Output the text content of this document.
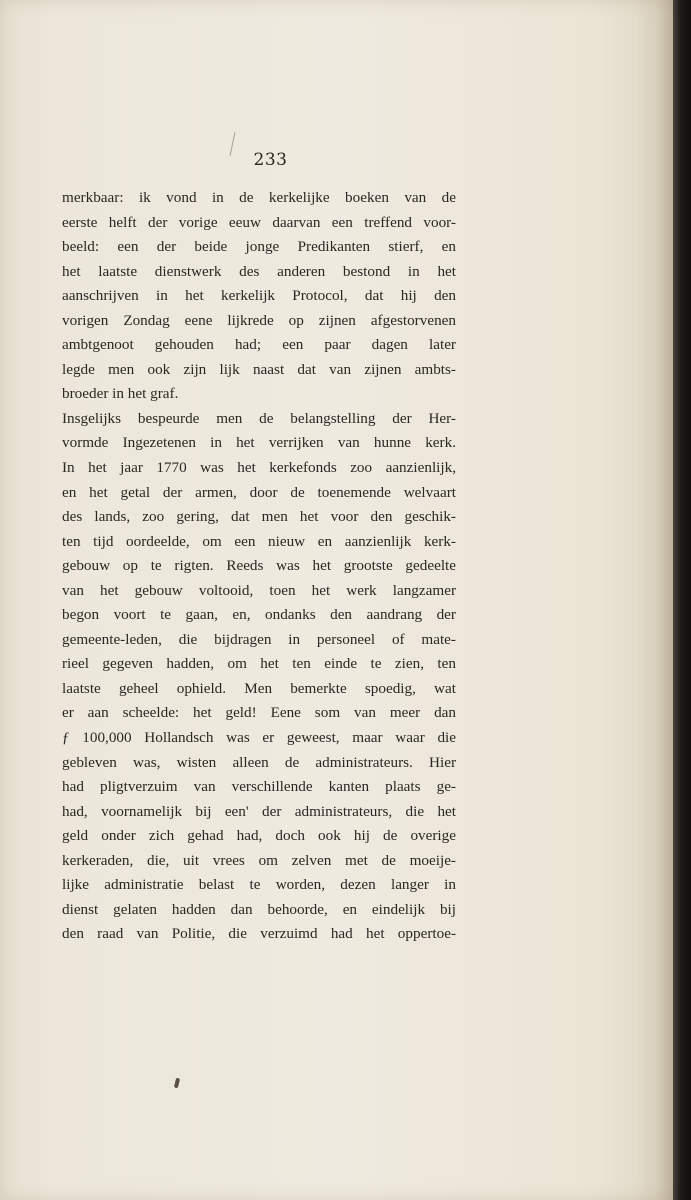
233
merkbaar: ik vond in de kerkelijke boeken van de
eerste helft der vorige eeuw daarvan een treffend voor-
beeld: een der beide jonge Predikanten stierf, en
het laatste dienstwerk des anderen bestond in het
aanschrijven in het kerkelijk Protocol, dat hij den
vorigen Zondag eene lijkrede op zijnen afgestorvenen
ambtgenoot gehouden had; een paar dagen later
legde men ook zijn lijk naast dat van zijnen ambts-
broeder in het graf.
Insgelijks bespeurde men de belangstelling der Her-
vormde Ingezetenen in het verrijken van hunne kerk.
In het jaar 1770 was het kerkefonds zoo aanzienlijk,
en het getal der armen, door de toenemende welvaart
des lands, zoo gering, dat men het voor den geschik-
ten tijd oordeelde, om een nieuw en aanzienlijk kerk-
gebouw op te rigten. Reeds was het grootste gedeelte
van het gebouw voltooid, toen het werk langzamer
begon voort te gaan, en, ondanks den aandrang der
gemeente-leden, die bijdragen in personeel of mate-
rieel gegeven hadden, om het ten einde te zien, ten
laatste geheel ophield. Men bemerkte spoedig, wat
er aan scheelde: het geld! Eene som van meer dan
ƒ 100,000 Hollandsch was er geweest, maar waar die
gebleven was, wisten alleen de administrateurs. Hier
had pligtverzuim van verschillende kanten plaats ge-
had, voornamelijk bij een' der administrateurs, die het
geld onder zich gehad had, doch ook hij de overige
kerkeraden, die, uit vrees om zelven met de moeije-
lijke administratie belast te worden, dezen langer in
dienst gelaten hadden dan behoorde, en eindelijk bij
den raad van Politie, die verzuimd had het oppertoe-
